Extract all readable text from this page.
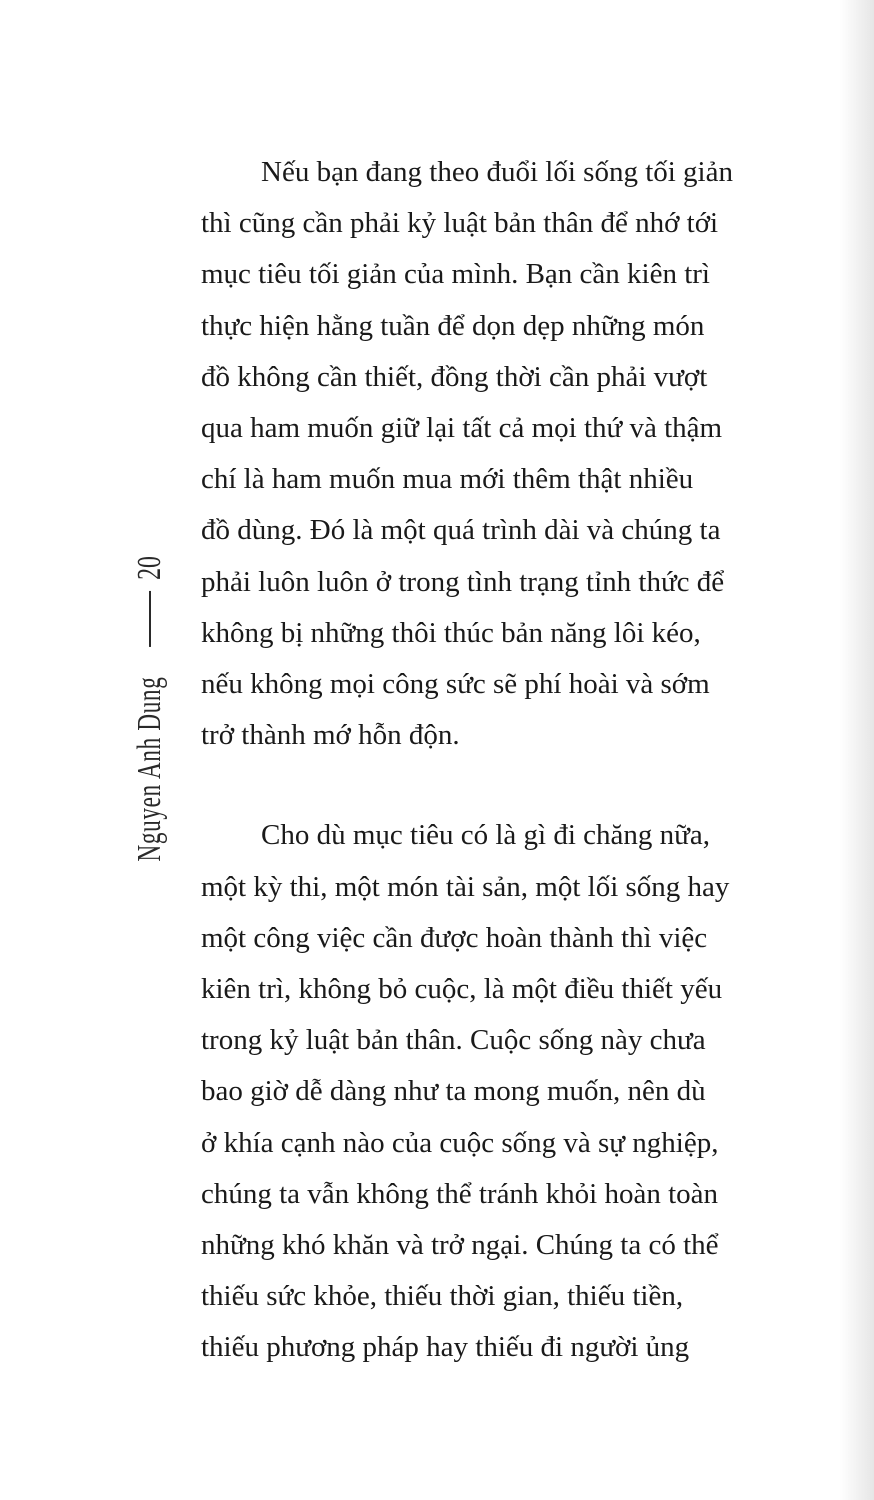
Nguyen Anh Dung
20

Nếu bạn đang theo đuổi lối sống tối giản
thì cũng cần phải kỷ luật bản thân để nhớ tới
mục tiêu tối giản của mình. Bạn cần kiên trì
thực hiện hằng tuần để dọn dẹp những món
đồ không cần thiết, đồng thời cần phải vượt
qua ham muốn giữ lại tất cả mọi thứ và thậm
chí là ham muốn mua mới thêm thật nhiều
đồ dùng. Đó là một quá trình dài và chúng ta
phải luôn luôn ở trong tình trạng tỉnh thức để
không bị những thôi thúc bản năng lôi kéo,
nếu không mọi công sức sẽ phí hoài và sớm
trở thành mớ hỗn độn.

Cho dù mục tiêu có là gì đi chăng nữa,
một kỳ thi, một món tài sản, một lối sống hay
một công việc cần được hoàn thành thì việc
kiên trì, không bỏ cuộc, là một điều thiết yếu
trong kỷ luật bản thân. Cuộc sống này chưa
bao giờ dễ dàng như ta mong muốn, nên dù
ở khía cạnh nào của cuộc sống và sự nghiệp,
chúng ta vẫn không thể tránh khỏi hoàn toàn
những khó khăn và trở ngại. Chúng ta có thể
thiếu sức khỏe, thiếu thời gian, thiếu tiền,
thiếu phương pháp hay thiếu đi người ủng
